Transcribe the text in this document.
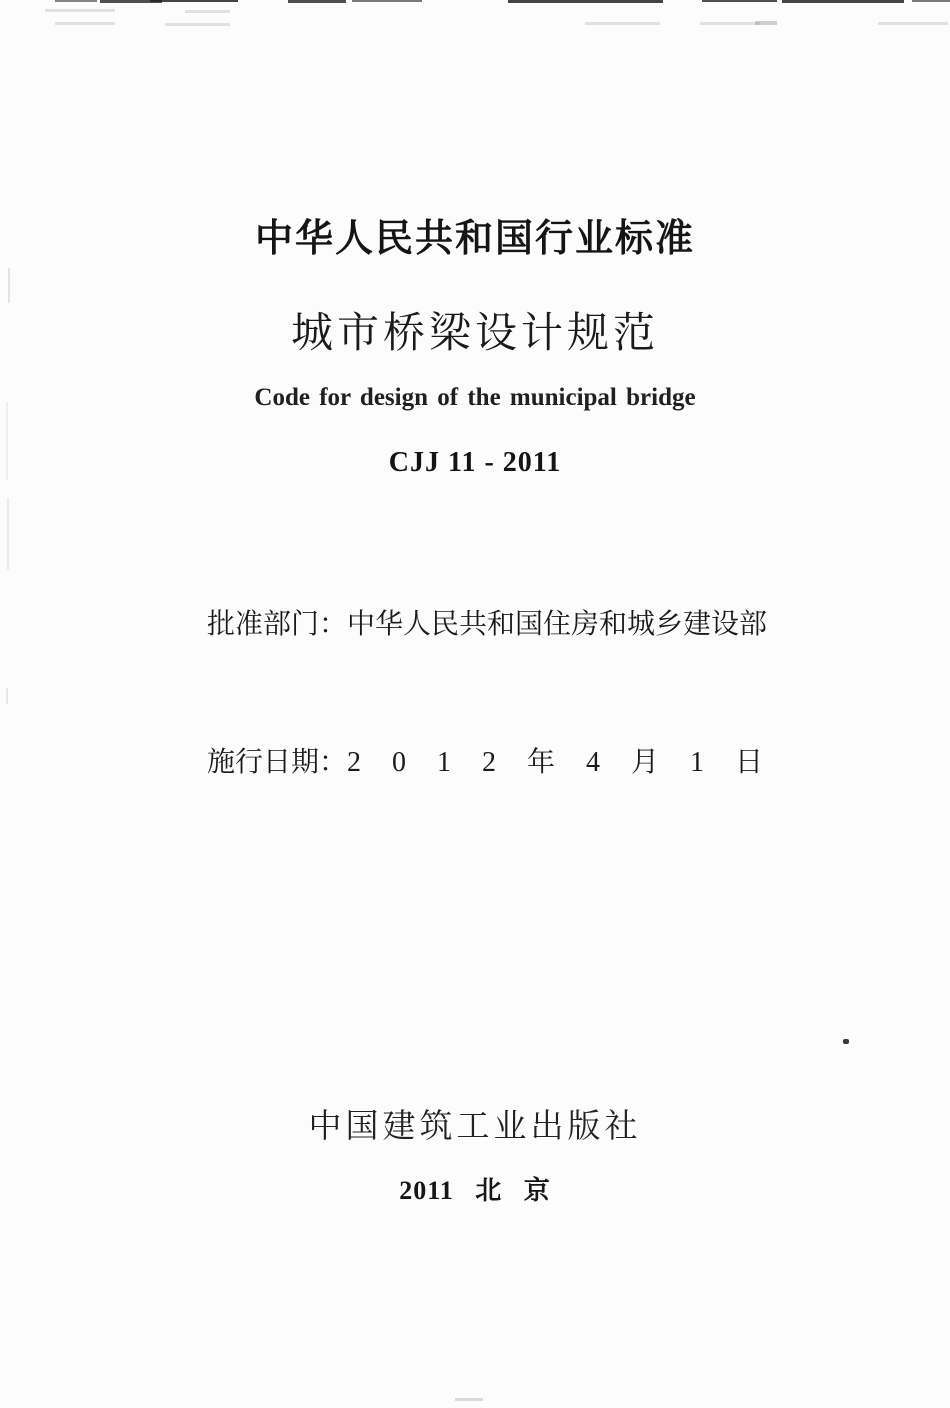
中华人民共和国行业标准
城市桥梁设计规范
Code for design of the municipal bridge
CJJ 11 - 2011

批准部门：中华人民共和国住房和城乡建设部

施行日期：2 0 1 2 年 4 月 1 日

中国建筑工业出版社
2011 北 京
